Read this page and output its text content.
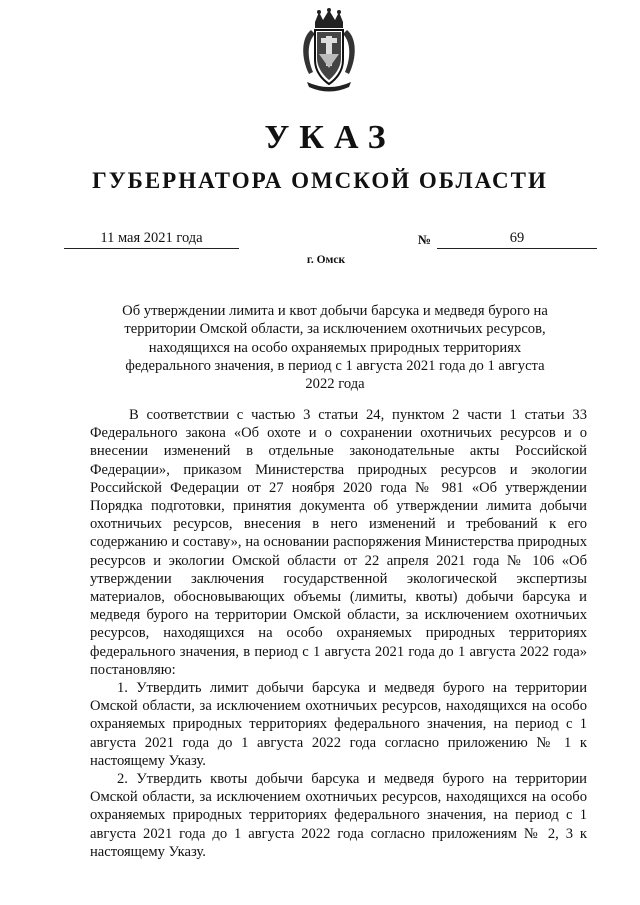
УКАЗ
ГУБЕРНАТОРА ОМСКОЙ ОБЛАСТИ
11 мая 2021 года	№	69
г. Омск
Об утверждении лимита и квот добычи барсука и медведя бурого на территории Омской области, за исключением охотничьих ресурсов, находящихся на особо охраняемых природных территориях федерального значения, в период с 1 августа 2021 года до 1 августа 2022 года

В соответствии с частью 3 статьи 24, пунктом 2 части 1 статьи 33 Федерального закона «Об охоте и о сохранении охотничьих ресурсов и о внесении изменений в отдельные законодательные акты Российской Федерации», приказом Министерства природных ресурсов и экологии Российской Федерации от 27 ноября 2020 года № 981 «Об утверждении Порядка подготовки, принятия документа об утверждении лимита добычи охотничьих ресурсов, внесения в него изменений и требований к его содержанию и составу», на основании распоряжения Министерства природных ресурсов и экологии Омской области от 22 апреля 2021 года № 106 «Об утверждении заключения государственной экологической экспертизы материалов, обосновывающих объемы (лимиты, квоты) добычи барсука и медведя бурого на территории Омской области, за исключением охотничьих ресурсов, находящихся на особо охраняемых природных территориях федерального значения, в период с 1 августа 2021 года до 1 августа 2022 года» постановляю:

1. Утвердить лимит добычи барсука и медведя бурого на территории Омской области, за исключением охотничьих ресурсов, находящихся на особо охраняемых природных территориях федерального значения, на период с 1 августа 2021 года до 1 августа 2022 года согласно приложению № 1 к настоящему Указу.

2. Утвердить квоты добычи барсука и медведя бурого на территории Омской области, за исключением охотничьих ресурсов, находящихся на особо охраняемых природных территориях федерального значения, на период с 1 августа 2021 года до 1 августа 2022 года согласно приложениям № 2, 3 к настоящему Указу.
